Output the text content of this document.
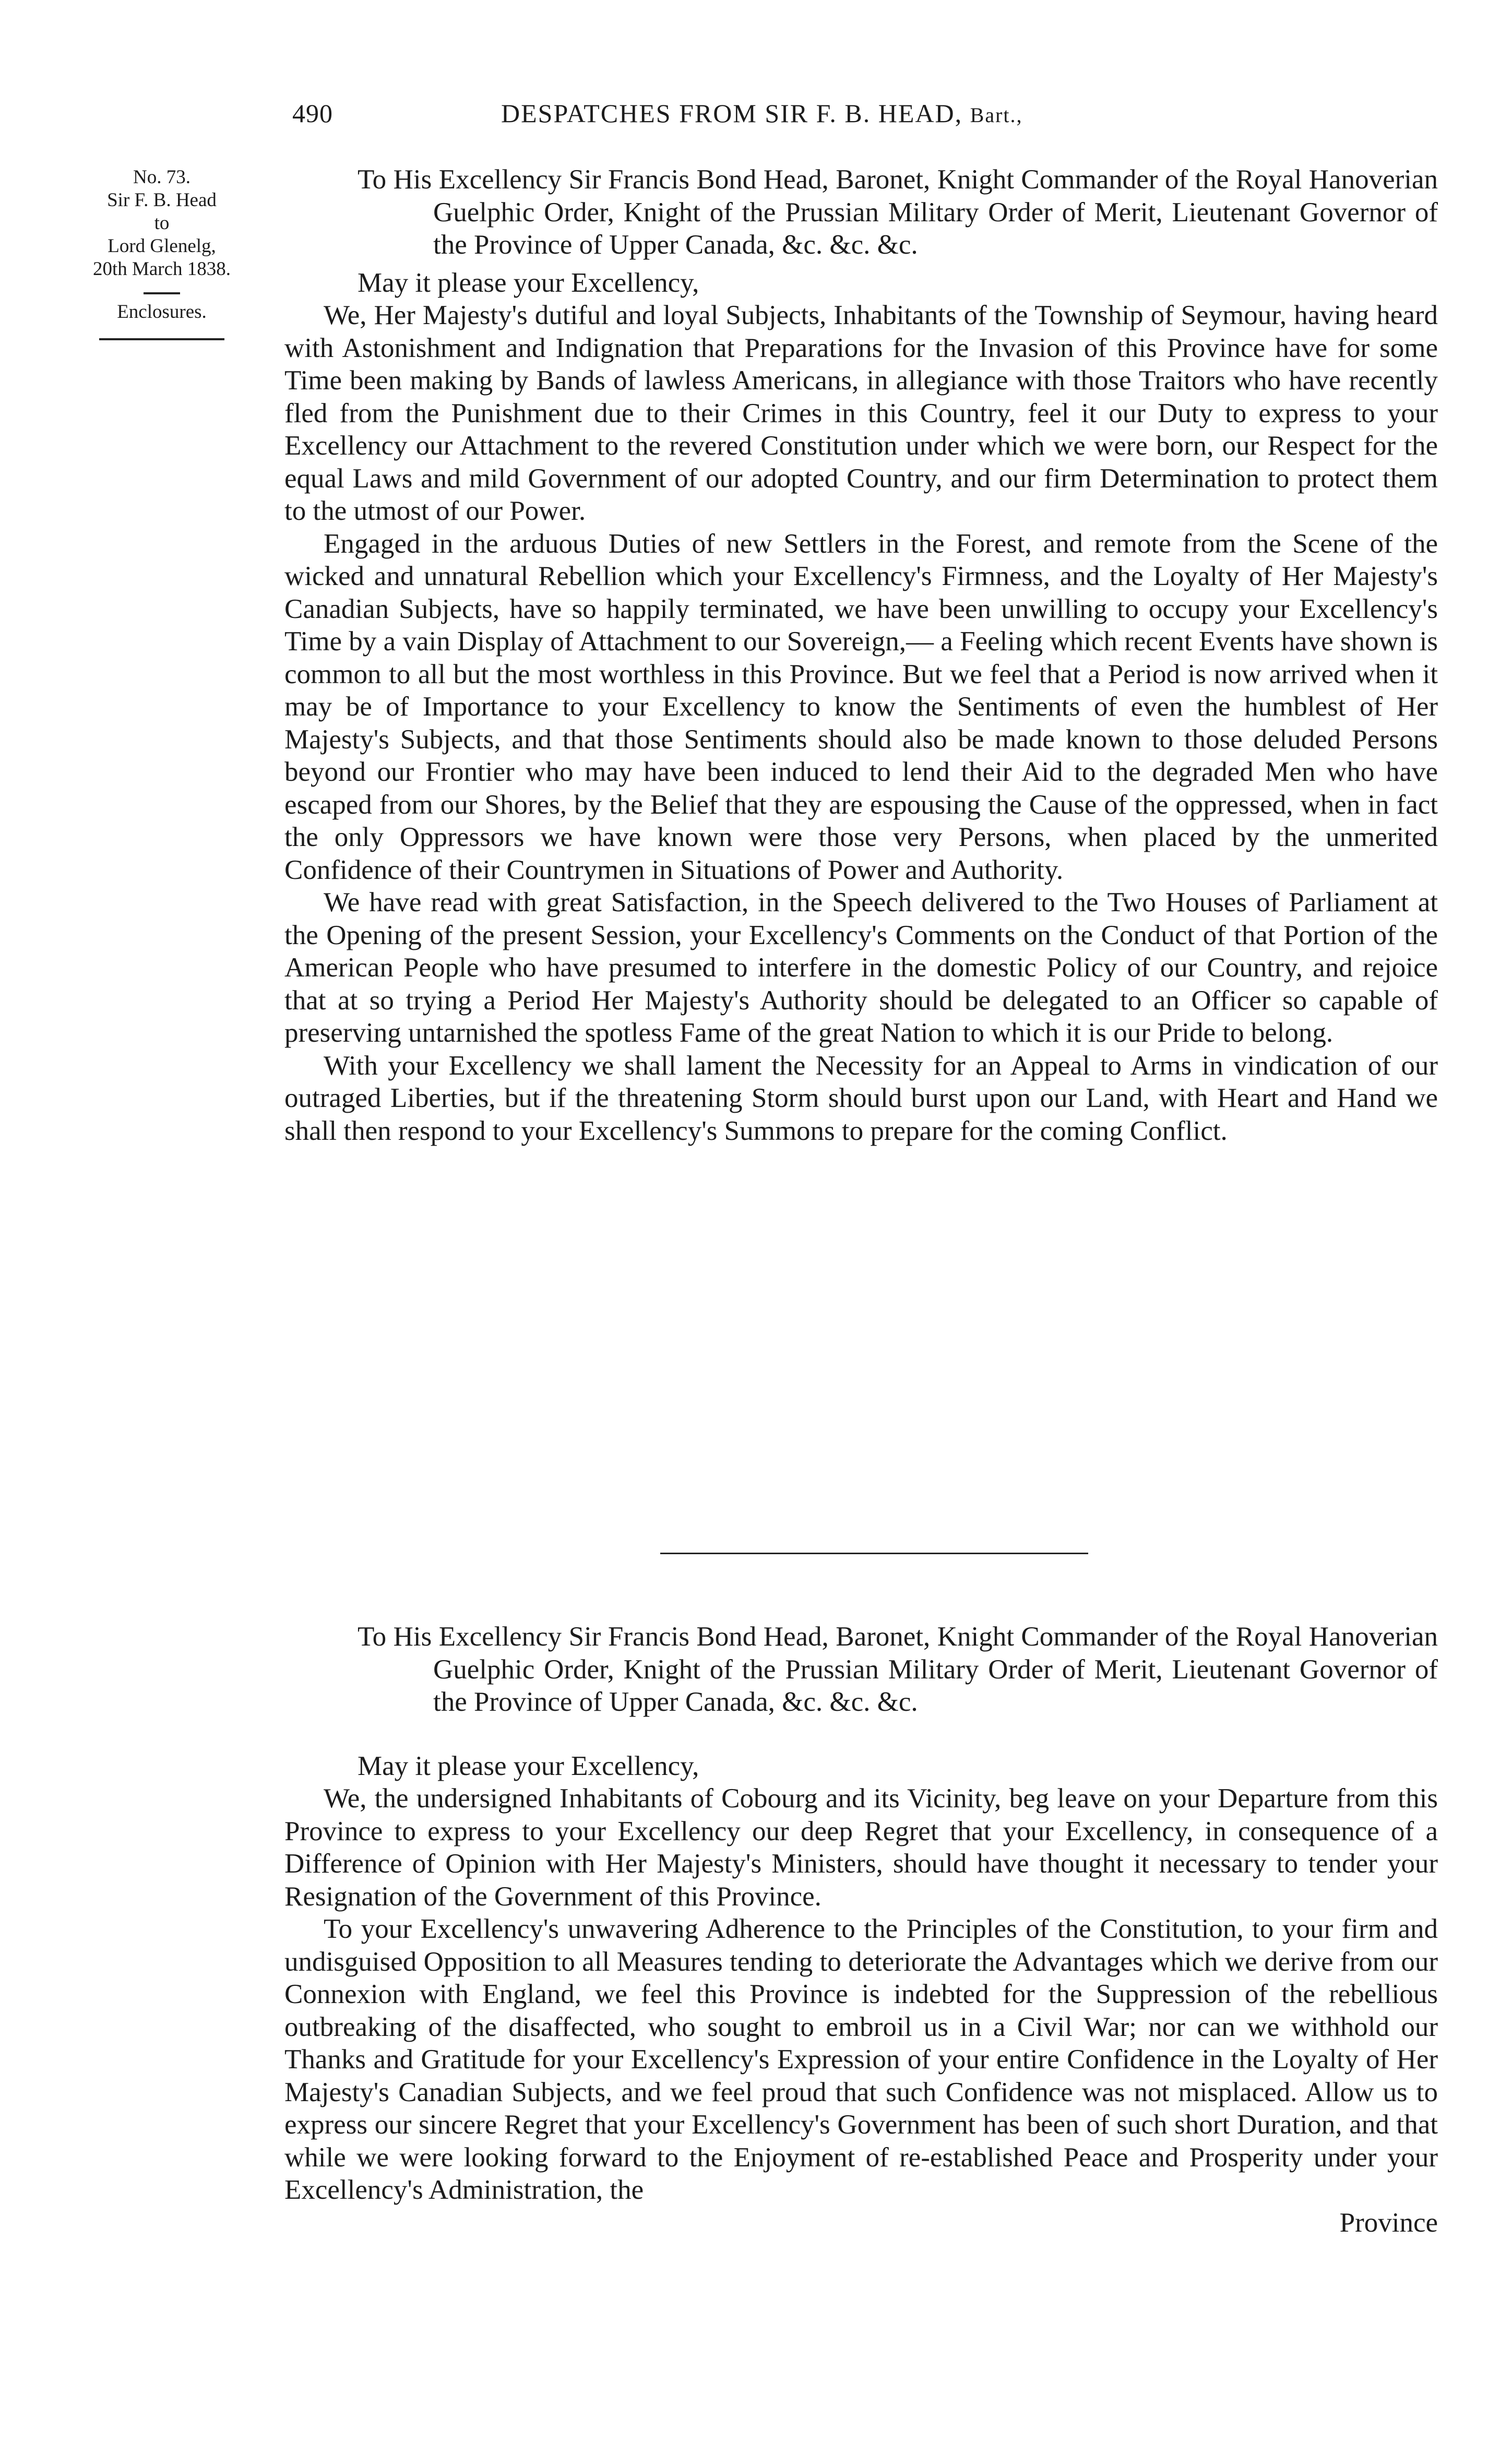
490	DESPATCHES FROM SIR F. B. HEAD, Bart.,
No. 73.
Sir F. B. Head
to
Lord Glenelg,
20th March 1838.
Enclosures.

To His Excellency Sir Francis Bond Head, Baronet, Knight Commander of the Royal Hanoverian Guelphic Order, Knight of the Prussian Military Order of Merit, Lieutenant Governor of the Province of Upper Canada, &c. &c. &c.

May it please your Excellency,

We, Her Majesty's dutiful and loyal Subjects, Inhabitants of the Township of Seymour, having heard with Astonishment and Indignation that Preparations for the Invasion of this Province have for some Time been making by Bands of lawless Americans, in allegiance with those Traitors who have recently fled from the Punishment due to their Crimes in this Country, feel it our Duty to express to your Excellency our Attachment to the revered Constitution under which we were born, our Respect for the equal Laws and mild Government of our adopted Country, and our firm Determination to protect them to the utmost of our Power.

Engaged in the arduous Duties of new Settlers in the Forest, and remote from the Scene of the wicked and unnatural Rebellion which your Excellency's Firmness, and the Loyalty of Her Majesty's Canadian Subjects, have so happily terminated, we have been unwilling to occupy your Excellency's Time by a vain Display of Attachment to our Sovereign,— a Feeling which recent Events have shown is common to all but the most worthless in this Province. But we feel that a Period is now arrived when it may be of Importance to your Excellency to know the Sentiments of even the humblest of Her Majesty's Subjects, and that those Sentiments should also be made known to those deluded Persons beyond our Frontier who may have been induced to lend their Aid to the degraded Men who have escaped from our Shores, by the Belief that they are espousing the Cause of the oppressed, when in fact the only Oppressors we have known were those very Persons, when placed by the unmerited Confidence of their Countrymen in Situations of Power and Authority.

We have read with great Satisfaction, in the Speech delivered to the Two Houses of Parliament at the Opening of the present Session, your Excellency's Comments on the Conduct of that Portion of the American People who have presumed to interfere in the domestic Policy of our Country, and rejoice that at so trying a Period Her Majesty's Authority should be delegated to an Officer so capable of preserving untarnished the spotless Fame of the great Nation to which it is our Pride to belong.

With your Excellency we shall lament the Necessity for an Appeal to Arms in vindication of our outraged Liberties, but if the threatening Storm should burst upon our Land, with Heart and Hand we shall then respond to your Excellency's Summons to prepare for the coming Conflict.

To His Excellency Sir Francis Bond Head, Baronet, Knight Commander of the Royal Hanoverian Guelphic Order, Knight of the Prussian Military Order of Merit, Lieutenant Governor of the Province of Upper Canada, &c. &c. &c.

May it please your Excellency,

We, the undersigned Inhabitants of Cobourg and its Vicinity, beg leave on your Departure from this Province to express to your Excellency our deep Regret that your Excellency, in consequence of a Difference of Opinion with Her Majesty's Ministers, should have thought it necessary to tender your Resignation of the Government of this Province.

To your Excellency's unwavering Adherence to the Principles of the Constitution, to your firm and undisguised Opposition to all Measures tending to deteriorate the Advantages which we derive from our Connexion with England, we feel this Province is indebted for the Suppression of the rebellious outbreaking of the disaffected, who sought to embroil us in a Civil War; nor can we withhold our Thanks and Gratitude for your Excellency's Expression of your entire Confidence in the Loyalty of Her Majesty's Canadian Subjects, and we feel proud that such Confidence was not misplaced. Allow us to express our sincere Regret that your Excellency's Government has been of such short Duration, and that while we were looking forward to the Enjoyment of re-established Peace and Prosperity under your Excellency's Administration, the

Province
